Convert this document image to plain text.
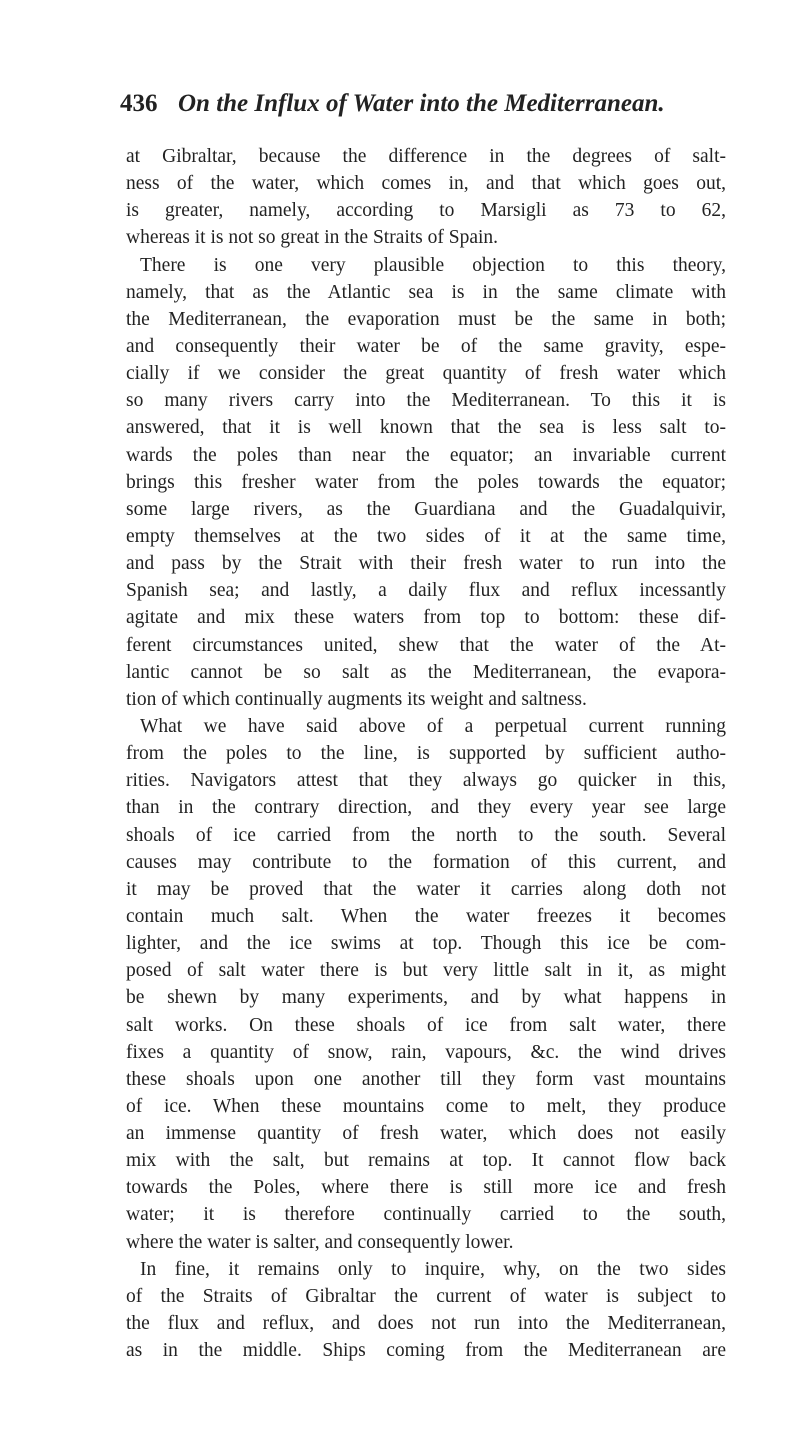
436 On the Influx of Water into the Mediterranean.
at Gibraltar, because the difference in the degrees of salt-
ness of the water, which comes in, and that which goes out,
is greater, namely, according to Marsigli as 73 to 62,
whereas it is not so great in the Straits of Spain.
There is one very plausible objection to this theory,
namely, that as the Atlantic sea is in the same climate with
the Mediterranean, the evaporation must be the same in both;
and consequently their water be of the same gravity, espe-
cially if we consider the great quantity of fresh water which
so many rivers carry into the Mediterranean. To this it is
answered, that it is well known that the sea is less salt to-
wards the poles than near the equator; an invariable current
brings this fresher water from the poles towards the equator;
some large rivers, as the Guardiana and the Guadalquivir,
empty themselves at the two sides of it at the same time,
and pass by the Strait with their fresh water to run into the
Spanish sea; and lastly, a daily flux and reflux incessantly
agitate and mix these waters from top to bottom: these dif-
ferent circumstances united, shew that the water of the At-
lantic cannot be so salt as the Mediterranean, the evapora-
tion of which continually augments its weight and saltness.
What we have said above of a perpetual current running
from the poles to the line, is supported by sufficient autho-
rities. Navigators attest that they always go quicker in this,
than in the contrary direction, and they every year see large
shoals of ice carried from the north to the south. Several
causes may contribute to the formation of this current, and
it may be proved that the water it carries along doth not
contain much salt. When the water freezes it becomes
lighter, and the ice swims at top. Though this ice be com-
posed of salt water there is but very little salt in it, as might
be shewn by many experiments, and by what happens in
salt works. On these shoals of ice from salt water, there
fixes a quantity of snow, rain, vapours, &c. the wind drives
these shoals upon one another till they form vast mountains
of ice. When these mountains come to melt, they produce
an immense quantity of fresh water, which does not easily
mix with the salt, but remains at top. It cannot flow back
towards the Poles, where there is still more ice and fresh
water; it is therefore continually carried to the south,
where the water is salter, and consequently lower.
In fine, it remains only to inquire, why, on the two sides
of the Straits of Gibraltar the current of water is subject to
the flux and reflux, and does not run into the Mediterranean,
as in the middle. Ships coming from the Mediterranean are
